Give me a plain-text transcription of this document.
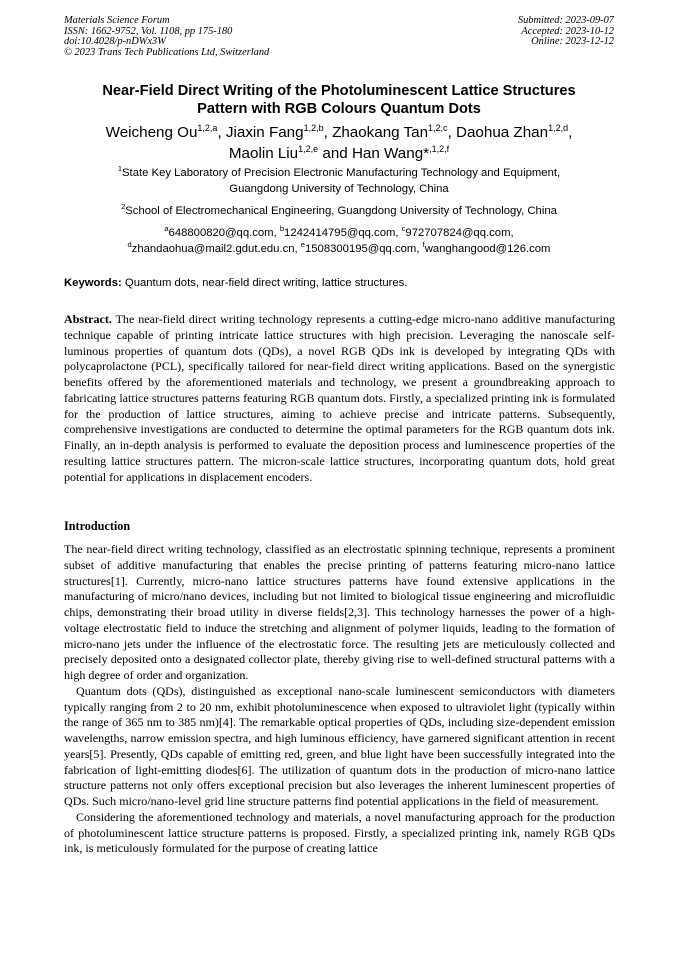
Materials Science Forum
ISSN: 1662-9752, Vol. 1108, pp 175-180
doi:10.4028/p-nDWx3W
© 2023 Trans Tech Publications Ltd, Switzerland
Submitted: 2023-09-07
Accepted: 2023-10-12
Online: 2023-12-12
Near-Field Direct Writing of the Photoluminescent Lattice Structures
Pattern with RGB Colours Quantum Dots
Weicheng Ou$^{1,2,a}$, Jiaxin Fang$^{1,2,b}$, Zhaokang Tan$^{1,2,c}$, Daohua Zhan$^{1,2,d}$,
Maolin Liu$^{1,2,e}$ and Han Wang*$^{,1,2,f}$
$^1$State Key Laboratory of Precision Electronic Manufacturing Technology and Equipment,
Guangdong University of Technology, China
$^2$School of Electromechanical Engineering, Guangdong University of Technology, China
$^a$648800820@qq.com, $^b$1242414795@qq.com, $^c$972707824@qq.com,
$^d$zhandaohua@mail2.gdut.edu.cn, $^e$1508300195@qq.com, $^f$wanghangood@126.com
Keywords: Quantum dots, near-field direct writing, lattice structures.

Abstract. The near-field direct writing technology represents a cutting-edge micro-nano additive manufacturing technique capable of printing intricate lattice structures with high precision. Leveraging the nanoscale self-luminous properties of quantum dots (QDs), a novel RGB QDs ink is developed by integrating QDs with polycaprolactone (PCL), specifically tailored for near-field direct writing applications. Based on the synergistic benefits offered by the aforementioned materials and technology, we present a groundbreaking approach to fabricating lattice structures patterns featuring RGB quantum dots. Firstly, a specialized printing ink is formulated for the production of lattice structures, aiming to achieve precise and intricate patterns. Subsequently, comprehensive investigations are conducted to determine the optimal parameters for the RGB quantum dots ink. Finally, an in-depth analysis is performed to evaluate the deposition process and luminescence properties of the resulting lattice structures pattern. The micron-scale lattice structures, incorporating quantum dots, hold great potential for applications in displacement encoders.

Introduction

The near-field direct writing technology, classified as an electrostatic spinning technique, represents a prominent subset of additive manufacturing that enables the precise printing of patterns featuring micro-nano lattice structures[1]. Currently, micro-nano lattice structures patterns have found extensive applications in the manufacturing of micro/nano devices, including but not limited to biological tissue engineering and microfluidic chips, demonstrating their broad utility in diverse fields[2,3]. This technology harnesses the power of a high-voltage electrostatic field to induce the stretching and alignment of polymer liquids, leading to the formation of micro-nano jets under the influence of the electrostatic force. The resulting jets are meticulously collected and precisely deposited onto a designated collector plate, thereby giving rise to well-defined structural patterns with a high degree of order and organization.

Quantum dots (QDs), distinguished as exceptional nano-scale luminescent semiconductors with diameters typically ranging from 2 to 20 nm, exhibit photoluminescence when exposed to ultraviolet light (typically within the range of 365 nm to 385 nm)[4]. The remarkable optical properties of QDs, including size-dependent emission wavelengths, narrow emission spectra, and high luminous efficiency, have garnered significant attention in recent years[5]. Presently, QDs capable of emitting red, green, and blue light have been successfully integrated into the fabrication of light-emitting diodes[6]. The utilization of quantum dots in the production of micro-nano lattice structure patterns not only offers exceptional precision but also leverages the inherent luminescent properties of QDs. Such micro/nano-level grid line structure patterns find potential applications in the field of measurement.

Considering the aforementioned technology and materials, a novel manufacturing approach for the production of photoluminescent lattice structure patterns is proposed. Firstly, a specialized printing ink, namely RGB QDs ink, is meticulously formulated for the purpose of creating lattice
